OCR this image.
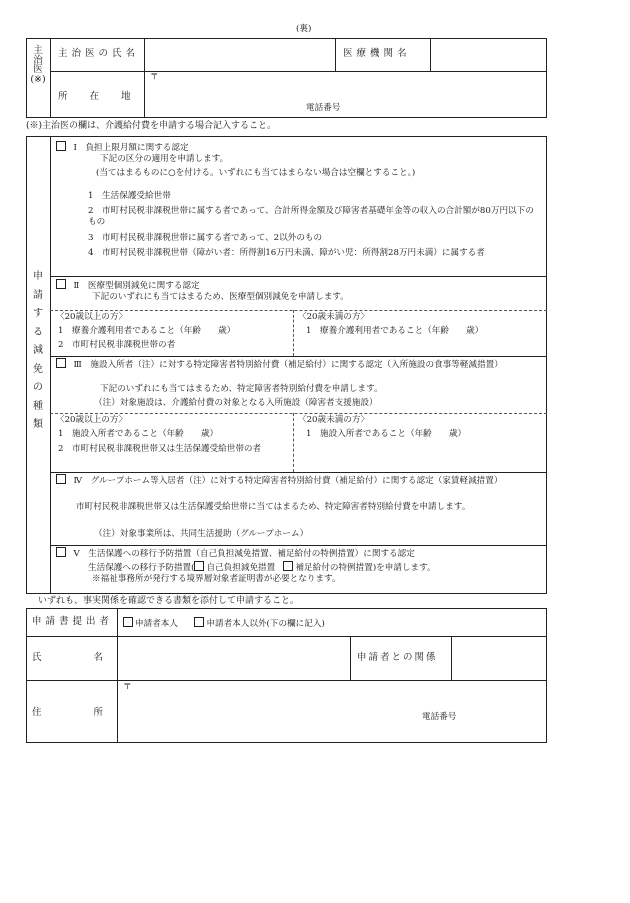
(裏)
主
治
医
(※)
主治医の氏名	医療機関名
所在地
〒
電話番号
(※)主治医の欄は、介護給付費を申請する場合記入すること。
申
請
す
る
減
免
の
種
類
Ⅰ　負担上限月額に関する認定
下記の区分の適用を申請します。
(当てはまるものに○を付ける。いずれにも当てはまらない場合は空欄とすること。)
1　生活保護受給世帯
2　市町村民税非課税世帯に属する者であって、合計所得金額及び障害者基礎年金等の収入の合計額が80万円以下のもの
3　市町村民税非課税世帯に属する者であって、2以外のもの
4　市町村民税非課税世帯（障がい者：所得割16万円未満、障がい児：所得割28万円未満）に属する者
Ⅱ　医療型個別減免に関する認定
下記のいずれにも当てはまるため、医療型個別減免を申請します。
〈20歳以上の方〉
1　療養介護利用者であること（年齢　　歳）
2　市町村民税非課税世帯の者
〈20歳未満の方〉
1　療養介護利用者であること（年齢　　歳）
Ⅲ　施設入所者（注）に対する特定障害者特別給付費（補足給付）に関する認定（入所施設の食事等軽減措置）
下記のいずれにも当てはまるため、特定障害者特別給付費を申請します。
（注）対象施設は、介護給付費の対象となる入所施設（障害者支援施設）
〈20歳以上の方〉
1　施設入所者であること（年齢　　歳）
2　市町村民税非課税世帯又は生活保護受給世帯の者
〈20歳未満の方〉
1　施設入所者であること（年齢　　歳）
Ⅳ　グループホーム等入居者（注）に対する特定障害者特別給付費（補足給付）に関する認定（家賃軽減措置）
市町村民税非課税世帯又は生活保護受給世帯に当てはまるため、特定障害者特別給付費を申請します。
（注）対象事業所は、共同生活援助（グループホーム）
Ⅴ　生活保護への移行予防措置（自己負担減免措置、補足給付の特例措置）に関する認定
生活保護への移行予防措置( 自己負担減免措置 補足給付の特例措置)を申請します。
※福祉事務所が発行する境界層対象者証明書が必要となります。
いずれも、事実関係を確認できる書類を添付して申請すること。
申請書提出者	申請者本人	申請者本人以外(下の欄に記入)
氏名	申請者との関係
住所
〒
電話番号
